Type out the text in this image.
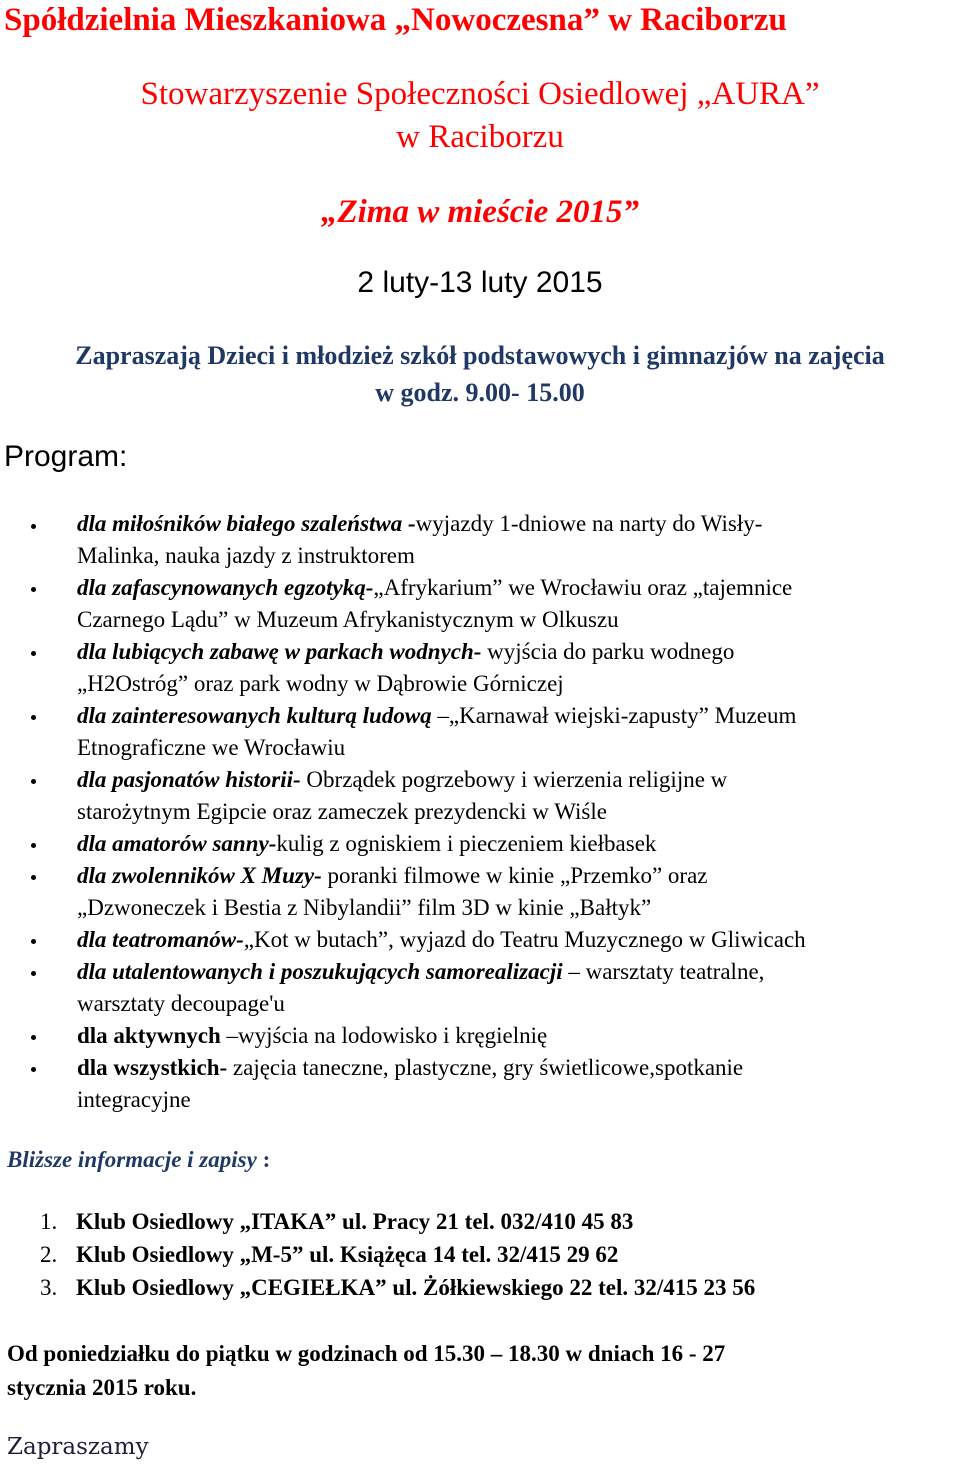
Spółdzielnia Mieszkaniowa „Nowoczesna” w Raciborzu
Stowarzyszenie Społeczności Osiedlowej „AURA”
w Raciborzu
„Zima w mieście 2015”
2 luty-13 luty 2015
Zapraszają Dzieci i młodzież szkół podstawowych i gimnazjów na zajęcia
w godz. 9.00- 15.00
Program:
dla miłośników białego szaleństwa -wyjazdy 1-dniowe na narty do Wisły-
Malinka, nauka jazdy z instruktorem
dla zafascynowanych egzotyką-„Afrykarium” we Wrocławiu oraz „tajemnice
Czarnego Lądu” w Muzeum Afrykanistycznym w Olkuszu
dla lubiących zabawę w parkach wodnych- wyjścia do parku wodnego
„H2Ostróg” oraz park wodny w Dąbrowie Górniczej
dla zainteresowanych kulturą ludową –„Karnawał wiejski-zapusty” Muzeum
Etnograficzne we Wrocławiu
dla pasjonatów historii- Obrządek pogrzebowy i wierzenia religijne w
starożytnym Egipcie oraz zameczek prezydencki w Wiśle
dla amatorów sanny-kulig z ogniskiem i pieczeniem kiełbasek
dla zwolenników X Muzy- poranki filmowe w kinie „Przemko” oraz
„Dzwoneczek i Bestia z Nibylandii” film 3D w kinie „Bałtyk”
dla teatromanów-„Kot w butach”, wyjazd do Teatru Muzycznego w Gliwicach
dla utalentowanych i poszukujących samorealizacji – warsztaty teatralne,
warsztaty decoupage'u
dla aktywnych –wyjścia na lodowisko i kręgielnię
dla wszystkich- zajęcia taneczne, plastyczne, gry świetlicowe,spotkanie
integracyjne
Bliższe informacje i zapisy :
1. Klub Osiedlowy „ITAKA” ul. Pracy 21 tel. 032/410 45 83
2. Klub Osiedlowy „M-5” ul. Książęca 14 tel. 32/415 29 62
3. Klub Osiedlowy „CEGIEŁKA” ul. Żółkiewskiego 22 tel. 32/415 23 56
Od poniedziałku do piątku w godzinach od 15.30 – 18.30 w dniach 16 - 27
stycznia 2015 roku.
Zapraszamy
